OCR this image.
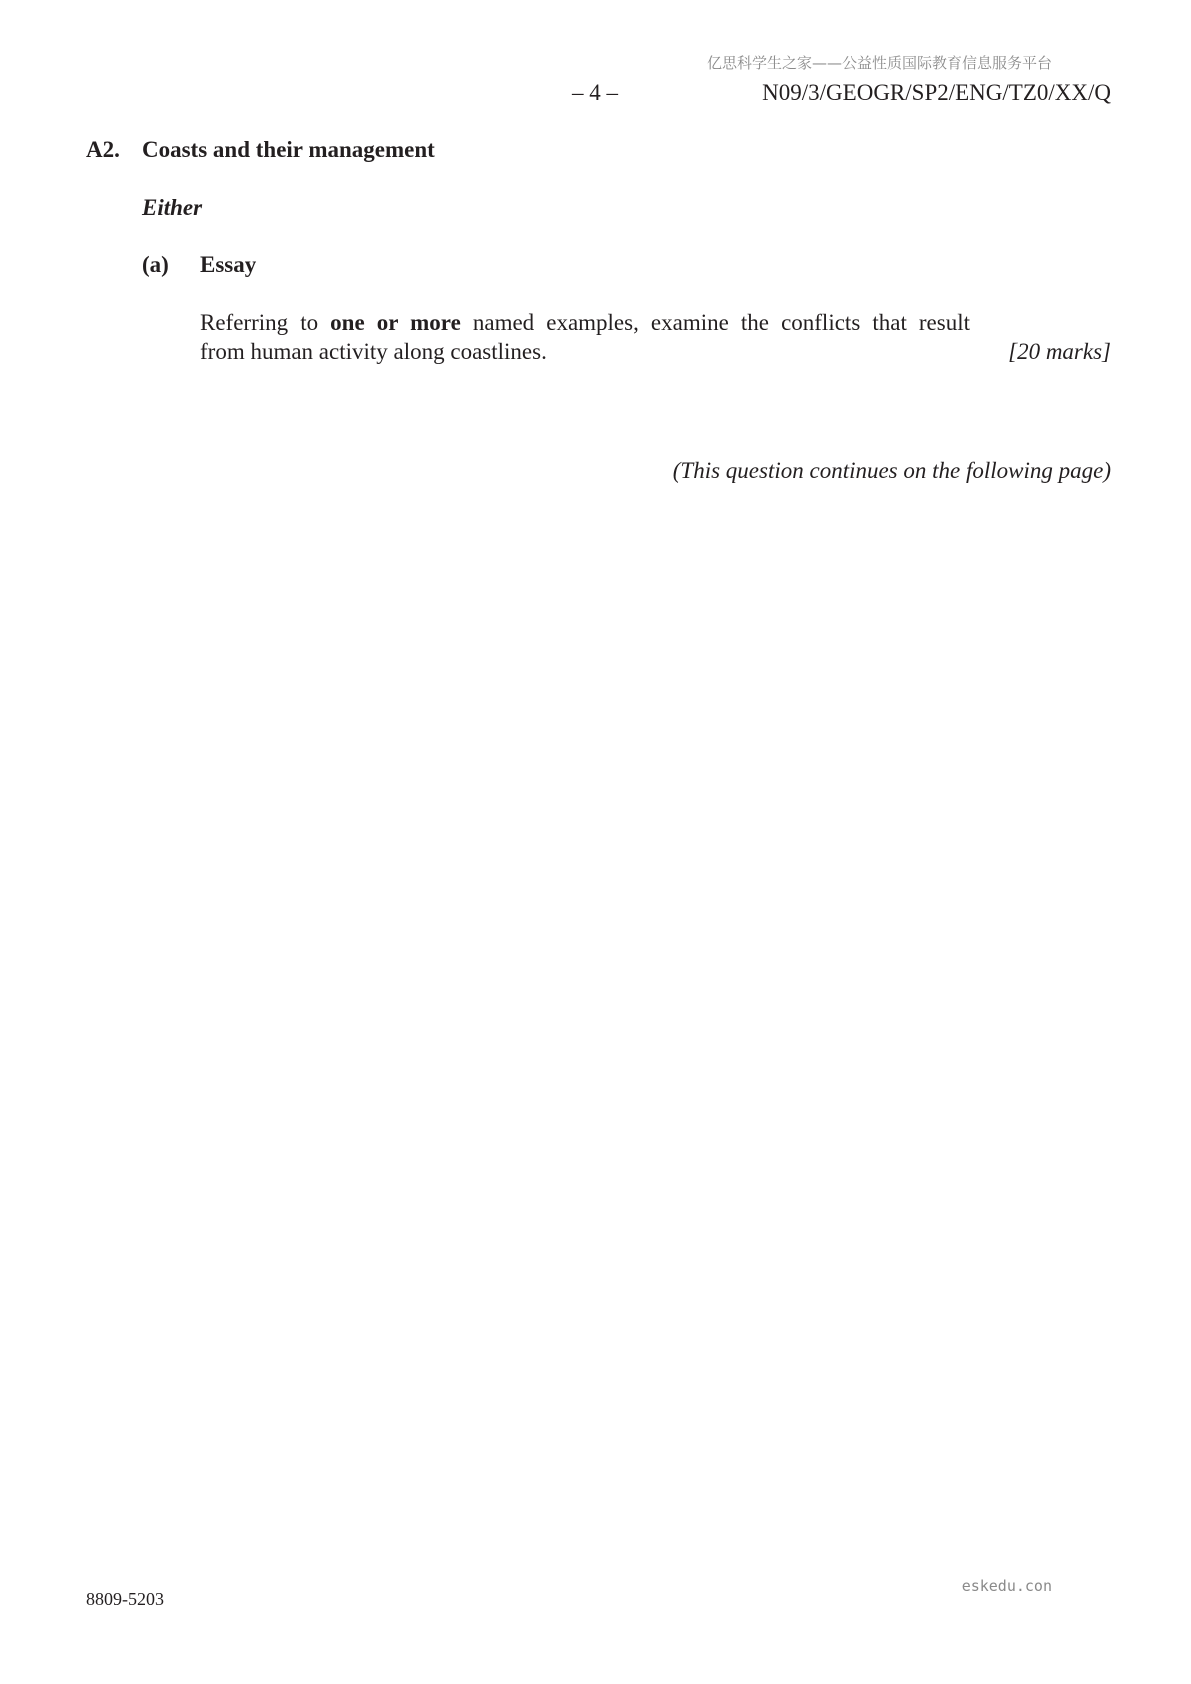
亿思科学生之家——公益性质国际教育信息服务平台
– 4 –	N09/3/GEOGR/SP2/ENG/TZ0/XX/Q
A2. Coasts and their management
Either
(a) Essay
Referring to one or more named examples, examine the conflicts that result
from human activity along coastlines.	[20 marks]
(This question continues on the following page)
eskedu.con
8809-5203
